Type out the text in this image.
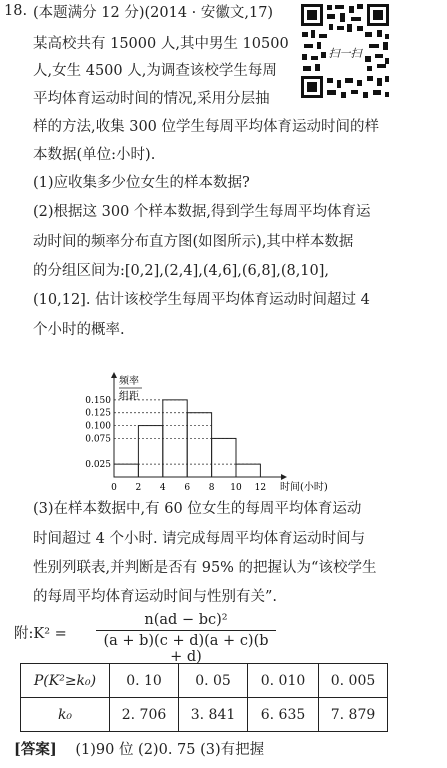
18. (本题满分 12 分)(2014 · 安徽文,17)
某高校共有 15000 人,其中男生 10500
人,女生 4500 人,为调查该校学生每周
平均体育运动时间的情况,采用分层抽
样的方法,收集 300 位学生每周平均体育运动时间的样
本数据(单位:小时).
扫一扫
(1)应收集多少位女生的样本数据?
(2)根据这 300 个样本数据,得到学生每周平均体育运
动时间的频率分布直方图(如图所示),其中样本数据
的分组区间为:[0,2],(2,4],(4,6],(6,8],(8,10],
(10,12]. 估计该校学生每周平均体育运动时间超过 4
个小时的概率.
频率
组距
0.025
0.075
0.100
0.125
0.150
0 2 4 6 8 10 12 时间(小时)
(3)在样本数据中,有 60 位女生的每周平均体育运动
时间超过 4 个小时. 请完成每周平均体育运动时间与
性别列联表,并判断是否有 95% 的把握认为“该校学生
的每周平均体育运动时间与性别有关”.
附:K² = $\frac{\text{n(ad − bc)²}}{(a + b)(c + d)(a + c)(b + d)}$
P(K²≥k₀)	0. 10	0. 05	0. 010	0. 005
k₀	2. 706	3. 841	6. 635	7. 879
[答案] (1)90 位 (2)0. 75 (3)有把握
